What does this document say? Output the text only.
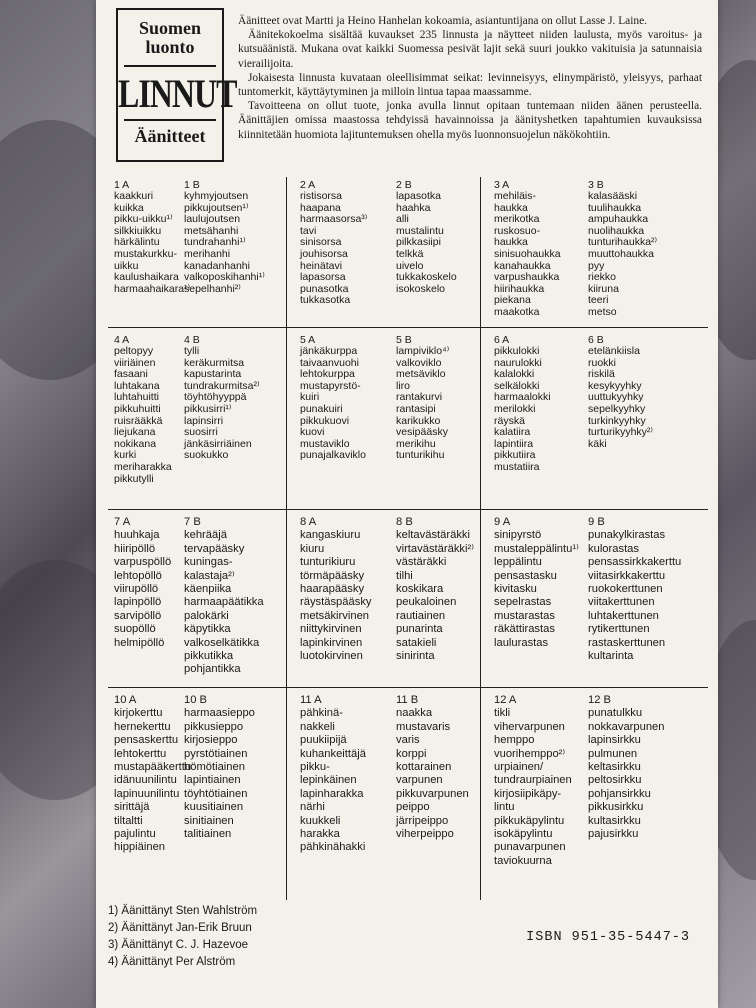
Suomen
luonto
LINNUT
Äänitteet

Äänitteet ovat Martti ja Heino Hanhelan kokoamia, asiantuntijana on ollut Lasse J. Laine.

Äänitekokoelma sisältää kuvaukset 235 linnusta ja näytteet niiden laulusta, myös varoitus- ja kutsuäänistä. Mukana ovat kaikki Suomessa pesivät lajit sekä suuri joukko vakituisia ja satunnaisia vierailijoita.

Jokaisesta linnusta kuvataan oleellisimmat seikat: levinneisyys, elinympäristö, yleisyys, parhaat tuntomerkit, käyttäytyminen ja milloin lintua tapaa maassamme.

Tavoitteena on ollut tuote, jonka avulla linnut opitaan tuntemaan niiden äänen perusteella. Äänittäjien omissa maastossa tehdyissä havainnoissa ja äänityshetken tapahtumien kuvauksissa kiinnitetään huomiota lajituntemuksen ohella myös luonnonsuojelun näkökohtiin.

1 A
kaakkuri
kuikka
pikku-uikku¹⁾
silkkiuikku
härkälintu
mustakurkku-
uikku
kaulushaikara
harmaahaikara¹⁾
1 B
kyhmyjoutsen
pikkujoutsen¹⁾
laulujoutsen
metsähanhi
tundrahanhi¹⁾
merihanhi
kanadanhanhi
valkoposkihanhi¹⁾
sepelhanhi²⁾
2 A
ristisorsa
haapana
harmaasorsa³⁾
tavi
sinisorsa
jouhisorsa
heinätavi
lapasorsa
punasotka
tukkasotka
2 B
lapasotka
haahka
alli
mustalintu
pilkkasiipi
telkkä
uivelo
tukkakoskelo
isokoskelo
3 A
mehiläis-
haukka
merikotka
ruskosuo-
haukka
sinisuohaukka
kanahaukka
varpushaukka
hiirihaukka
piekana
maakotka
3 B
kalasääski
tuulihaukka
ampuhaukka
nuolihaukka
tunturihaukka²⁾
muuttohaukka
pyy
riekko
kiiruna
teeri
metso
4 A
peltopyy
viiriäinen
fasaani
luhtakana
luhtahuitti
pikkuhuitti
ruisrääkkä
liejukana
nokikana
kurki
meriharakka
pikkutylli
4 B
tylli
keräkurmitsa
kapustarinta
tundrakurmitsa²⁾
töyhtöhyyppä
pikkusirri¹⁾
lapinsirri
suosirri
jänkäsirriäinen
suokukko
5 A
jänkäkurppa
taivaanvuohi
lehtokurppa
mustapyrstö-
kuiri
punakuiri
pikkukuovi
kuovi
mustaviklo
punajalkaviklo
5 B
lampiviklo⁴⁾
valkoviklo
metsäviklo
liro
rantakurvi
rantasipi
karikukko
vesipääsky
merikihu
tunturikihu
6 A
pikkulokki
naurulokki
kalalokki
selkälokki
harmaalokki
merilokki
räyskä
kalatiira
lapintiira
pikkutiira
mustatiira
6 B
etelänkiisla
ruokki
riskilä
kesykyyhky
uuttukyyhky
sepelkyyhky
turkinkyyhky
turturikyyhky²⁾
käki
7 A
huuhkaja
hiiripöllö
varpuspöllö
lehtopöllö
viirupöllö
lapinpöllö
sarvipöllö
suopöllö
helmipöllö
7 B
kehrääjä
tervapääsky
kuningas-
kalastaja²⁾
käenpiika
harmaapäätikka
palokärki
käpytikka
valkoselkätikka
pikkutikka
pohjantikka
8 A
kangaskiuru
kiuru
tunturikiuru
törmäpääsky
haarapääsky
räystäspääsky
metsäkirvinen
niittykirvinen
lapinkirvinen
luotokirvinen
8 B
keltavästäräkki
virtavästäräkki²⁾
västäräkki
tilhi
koskikara
peukaloinen
rautiainen
punarinta
satakieli
sinirinta
9 A
sinipyrstö
mustaleppälintu¹⁾
leppälintu
pensastasku
kivitasku
sepelrastas
mustarastas
räkättirastas
laulurastas
9 B
punakylkirastas
kulorastas
pensassirkkakerttu
viitasirkkakerttu
ruokokerttunen
viitakerttunen
luhtakerttunen
rytikerttunen
rastaskerttunen
kultarinta
10 A
kirjokerttu
hernekerttu
pensaskerttu
lehtokerttu
mustapääkerttu
idänuunilintu
lapinuunilintu
sirittäjä
tiltaltti
pajulintu
hippiäinen
10 B
harmaasieppo
pikkusieppo
kirjosieppo
pyrstötiainen
hömötiainen
lapintiainen
töyhtötiainen
kuusitiainen
sinitiainen
talitiainen
11 A
pähkinä-
nakkeli
puukiipijä
kuhankeittäjä
pikku-
lepinkäinen
lapinharakka
närhi
kuukkeli
harakka
pähkinähakki
11 B
naakka
mustavaris
varis
korppi
kottarainen
varpunen
pikkuvarpunen
peippo
järripeippo
viherpeippo
12 A
tikli
vihervarpunen
hemppo
vuorihemppo²⁾
urpiainen/
tundraurpiainen
kirjosiipikäpy-
lintu
pikkukäpylintu
isokäpylintu
punavarpunen
taviokuurna
12 B
punatulkku
nokkavarpunen
lapinsirkku
pulmunen
keltasirkku
peltosirkku
pohjansirkku
pikkusirkku
kultasirkku
pajusirkku
1) Äänittänyt Sten Wahlström
2) Äänittänyt Jan-Erik Bruun
3) Äänittänyt C. J. Hazevoe
4) Äänittänyt Per Alström
ISBN 951-35-5447-3
